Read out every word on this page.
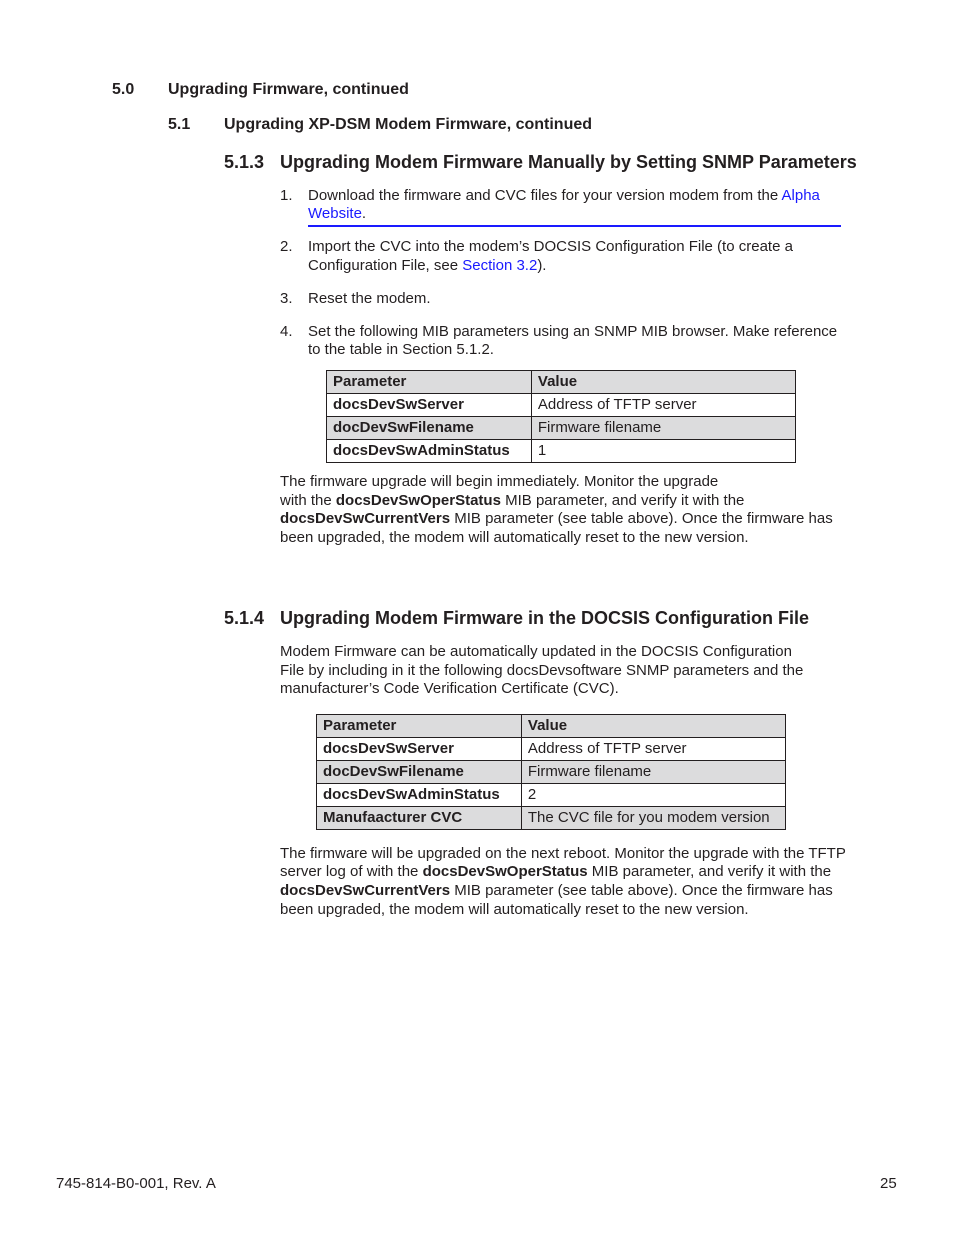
5.0 Upgrading Firmware, continued
5.1 Upgrading XP-DSM Modem Firmware, continued
5.1.3 Upgrading Modem Firmware Manually by Setting SNMP Parameters
1. Download the firmware and CVC files for your version modem from the Alpha
Website.
2. Import the CVC into the modem’s DOCSIS Configuration File (to create a
Configuration File, see Section 3.2).
3. Reset the modem.
4. Set the following MIB parameters using an SNMP MIB browser. Make reference
to the table in Section 5.1.2.
Parameter	Value
docsDevSwServer	Address of TFTP server
docDevSwFilename	Firmware filename
docsDevSwAdminStatus	1
The firmware upgrade will begin immediately. Monitor the upgrade
with the docsDevSwOperStatus MIB parameter, and verify it with the
docsDevSwCurrentVers MIB parameter (see table above). Once the firmware has
been upgraded, the modem will automatically reset to the new version.
5.1.4 Upgrading Modem Firmware in the DOCSIS Configuration File
Modem Firmware can be automatically updated in the DOCSIS Configuration
File by including in it the following docsDevsoftware SNMP parameters and the
manufacturer’s Code Verification Certificate (CVC).
Parameter	Value
docsDevSwServer	Address of TFTP server
docDevSwFilename	Firmware filename
docsDevSwAdminStatus	2
Manufaacturer CVC	The CVC file for you modem version
The firmware will be upgraded on the next reboot. Monitor the upgrade with the TFTP
server log of with the docsDevSwOperStatus MIB parameter, and verify it with the
docsDevSwCurrentVers MIB parameter (see table above). Once the firmware has
been upgraded, the modem will automatically reset to the new version.
745-814-B0-001, Rev. A	25
